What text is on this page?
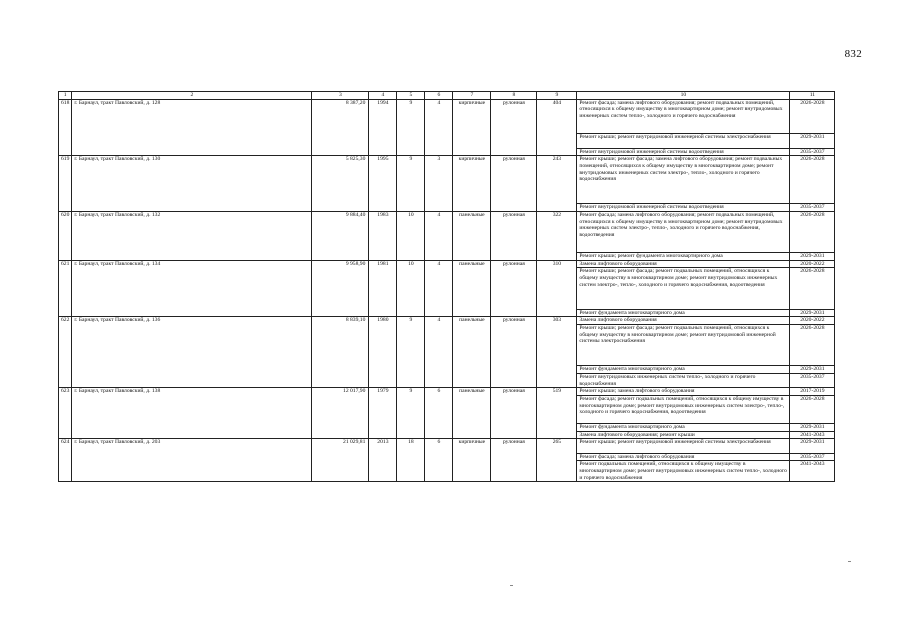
832
1	2	3	4	5	6	7	8	9	10	11
618	г. Барнаул, тракт Павловский, д. 128	8 387,20	1994	9	4	кирпичные	рулонная	404	Ремонт фасада; замена лифтового оборудования; ремонт подвальных помещений, относящихся к общему имуществу в многоквартирном доме; ремонт внутридомовых инженерных систем тепло-, холодного и горячего водоснабжения	2026-2028
									Ремонт крыши; ремонт внутридомовой инженерной системы электроснабжения	2029-2031
									Ремонт внутридомовой инженерной системы водоотведения	2035-2037
619	г. Барнаул, тракт Павловский, д. 130	5 825,30	1995	9	3	кирпичные	рулонная	243	Ремонт крыши; ремонт фасада; замена лифтового оборудования; ремонт подвальных помещений, относящихся к общему имуществу в многоквартирном доме; ремонт внутридомовых инженерных систем электро-, тепло-, холодного и горячего водоснабжения	2026-2028
									Ремонт внутридомовой инженерной системы водоотведения	2035-2037
620	г. Барнаул, тракт Павловский, д. 132	9 884,40	1983	10	4	панельные	рулонная	322	Ремонт фасада; замена лифтового оборудования; ремонт подвальных помещений, относящихся к общему имуществу в многоквартирном доме; ремонт внутридомовых инженерных систем электро-, тепло-, холодного и горячего водоснабжения, водоотведения	2026-2028
									Ремонт крыши; ремонт фундамента многоквартирного дома	2029-2031
621	г. Барнаул, тракт Павловский, д. 134	9 958,90	1981	10	4	панельные	рулонная	310	Замена лифтового оборудования	2020-2022
									Ремонт крыши; ремонт фасада; ремонт подвальных помещений, относящихся к общему имуществу в многоквартирном доме; ремонт внутридомовых инженерных систем электро-, тепло-, холодного и горячего водоснабжения, водоотведения	2026-2028
									Ремонт фундамента многоквартирного дома	2029-2031
622	г. Барнаул, тракт Павловский, д. 136	8 839,10	1980	9	4	панельные	рулонная	303	Замена лифтового оборудования	2020-2022
									Ремонт крыши; ремонт фасада; ремонт подвальных помещений, относящихся к общему имуществу в многоквартирном доме; ремонт внутридомовой инженерной системы электроснабжения	2026-2028
									Ремонт фундамента многоквартирного дома	2029-2031
									Ремонт внутридомовых инженерных систем тепло-, холодного и горячего водоснабжения	2035-2037
623	г. Барнаул, тракт Павловский, д. 138	12 017,90	1979	9	6	панельные	рулонная	519	Ремонт крыши; замена лифтового оборудования	2017-2019
									Ремонт фасада; ремонт подвальных помещений, относящихся к общему имуществу в многоквартирном доме; ремонт внутридомовых инженерных систем электро-, тепло-, холодного и горячего водоснабжения, водоотведения	2026-2028
									Ремонт фундамента многоквартирного дома	2029-2031
									Замена лифтового оборудования; ремонт крыши	2041-2043
624	г. Барнаул, тракт Павловский, д. 203	21 029,81	2013	18	6	кирпичные	рулонная	265	Ремонт крыши; ремонт внутридомовой инженерной системы электроснабжения	2029-2031
									Ремонт фасада; замена лифтового оборудования	2035-2037
									Ремонт подвальных помещений, относящихся к общему имуществу в многоквартирном доме; ремонт внутридомовых инженерных систем тепло-, холодного и горячего водоснабжения	2041-2043
